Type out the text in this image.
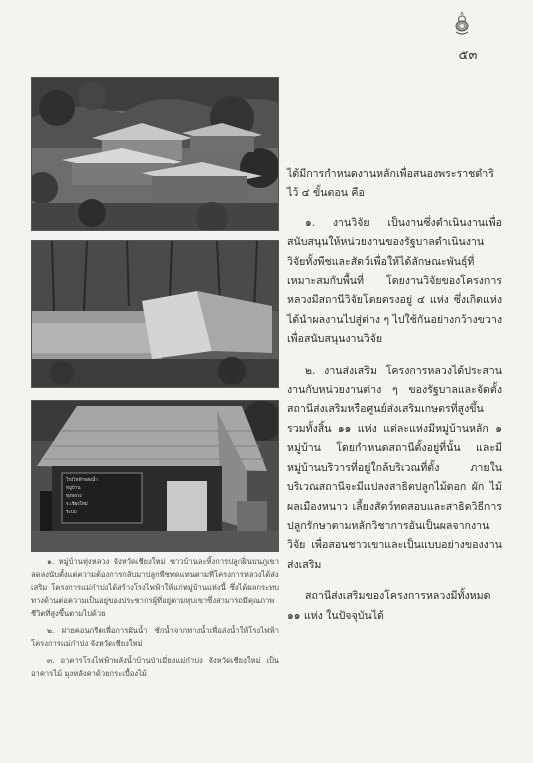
๕๓
โรงไฟฟ้าพลังน้ำ
หมู่บ้าน
ทุ่งหลวง
จ.เชียงใหม่
ระบบ

ได้มีการกำหนดงานหลักเพื่อสนองพระราชดำริไว้ ๔ ขั้นตอน คือ

๑. งานวิจัย เป็นงานซึ่งดำเนินงานเพื่อสนับสนุนให้หน่วยงานของรัฐบาลดำเนินงานวิจัยทั้งพืชและสัตว์เพื่อให้ได้ลักษณะพันธุ์ที่เหมาะสมกับพื้นที่ โดยงานวิจัยของโครงการหลวงมีสถานีวิจัยโดยตรงอยู่ ๔ แห่ง ซึ่งเกิดแห่งได้นำผลงานไปสู่ต่าง ๆ ไปใช้กันอย่างกว้างขวางเพื่อสนับสนุนงานวิจัย

๒. งานส่งเสริม โครงการหลวงได้ประสานงานกับหน่วยงานต่าง ๆ ของรัฐบาลและจัดตั้งสถานีส่งเสริมหรือศูนย์ส่งเสริมเกษตรที่สูงขึ้น รวมทั้งสิ้น ๑๑ แห่ง แต่ละแห่งมีหมู่บ้านหลัก ๑ หมู่บ้าน โดยกำหนดสถานีตั้งอยู่ที่นั้น และมีหมู่บ้านบริวารที่อยู่ใกล้บริเวณที่ตั้ง ภายในบริเวณสถานีจะมีแปลงสาธิตปลูกไม้ดอก ผัก ไม้ผลเมืองหนาว เลี้ยงสัตว์ทดสอบและสาธิตวิธีการปลูกรักษาตามหลักวิชาการอันเป็นผลจากงานวิจัย เพื่อสอนชาวเขาและเป็นแบบอย่างของงานส่งเสริม

สถานีส่งเสริมของโครงการหลวงมีทั้งหมด ๑๑ แห่ง ในปัจจุบันได้

๑. หมู่บ้านทุ่งหลวง จังหวัดเชียงใหม่ ชาวบ้านละทิ้งการปลูกฝิ่นบนภูเขาลดลงนับตั้งแต่ความต้องการกลับมาปลูกพืชทดแทนตามที่โครงการหลวงได้ส่งเสริม โครงการแม่ก๋าปงได้สร้างโรงไฟฟ้าให้แก่หมู่บ้านแห่งนี้ ซึ่งได้ผลกระทบทางด้านต่อความเป็นอยู่ของประชากรผู้ที่อยู่ตามหุบเขาซึ่งสามารถมีคุณภาพชีวิตที่สูงขึ้นตามไปด้วย

๒. ฝายคอนกรีตเพื่อการผันน้ำ ชักน้ำจากทางน้ำเพื่อส่งน้ำให้โรงไฟฟ้า โครงการแม่ก๋าปง จังหวัดเชียงใหม่

๓. อาคารโรงไฟฟ้าพลังน้ำบ้านป่าเมี่ยงแม่ก๋าปง จังหวัดเชียงใหม่ เป็นอาคารไม้ มุงหลังคาด้วยกระเบื้องไม้
